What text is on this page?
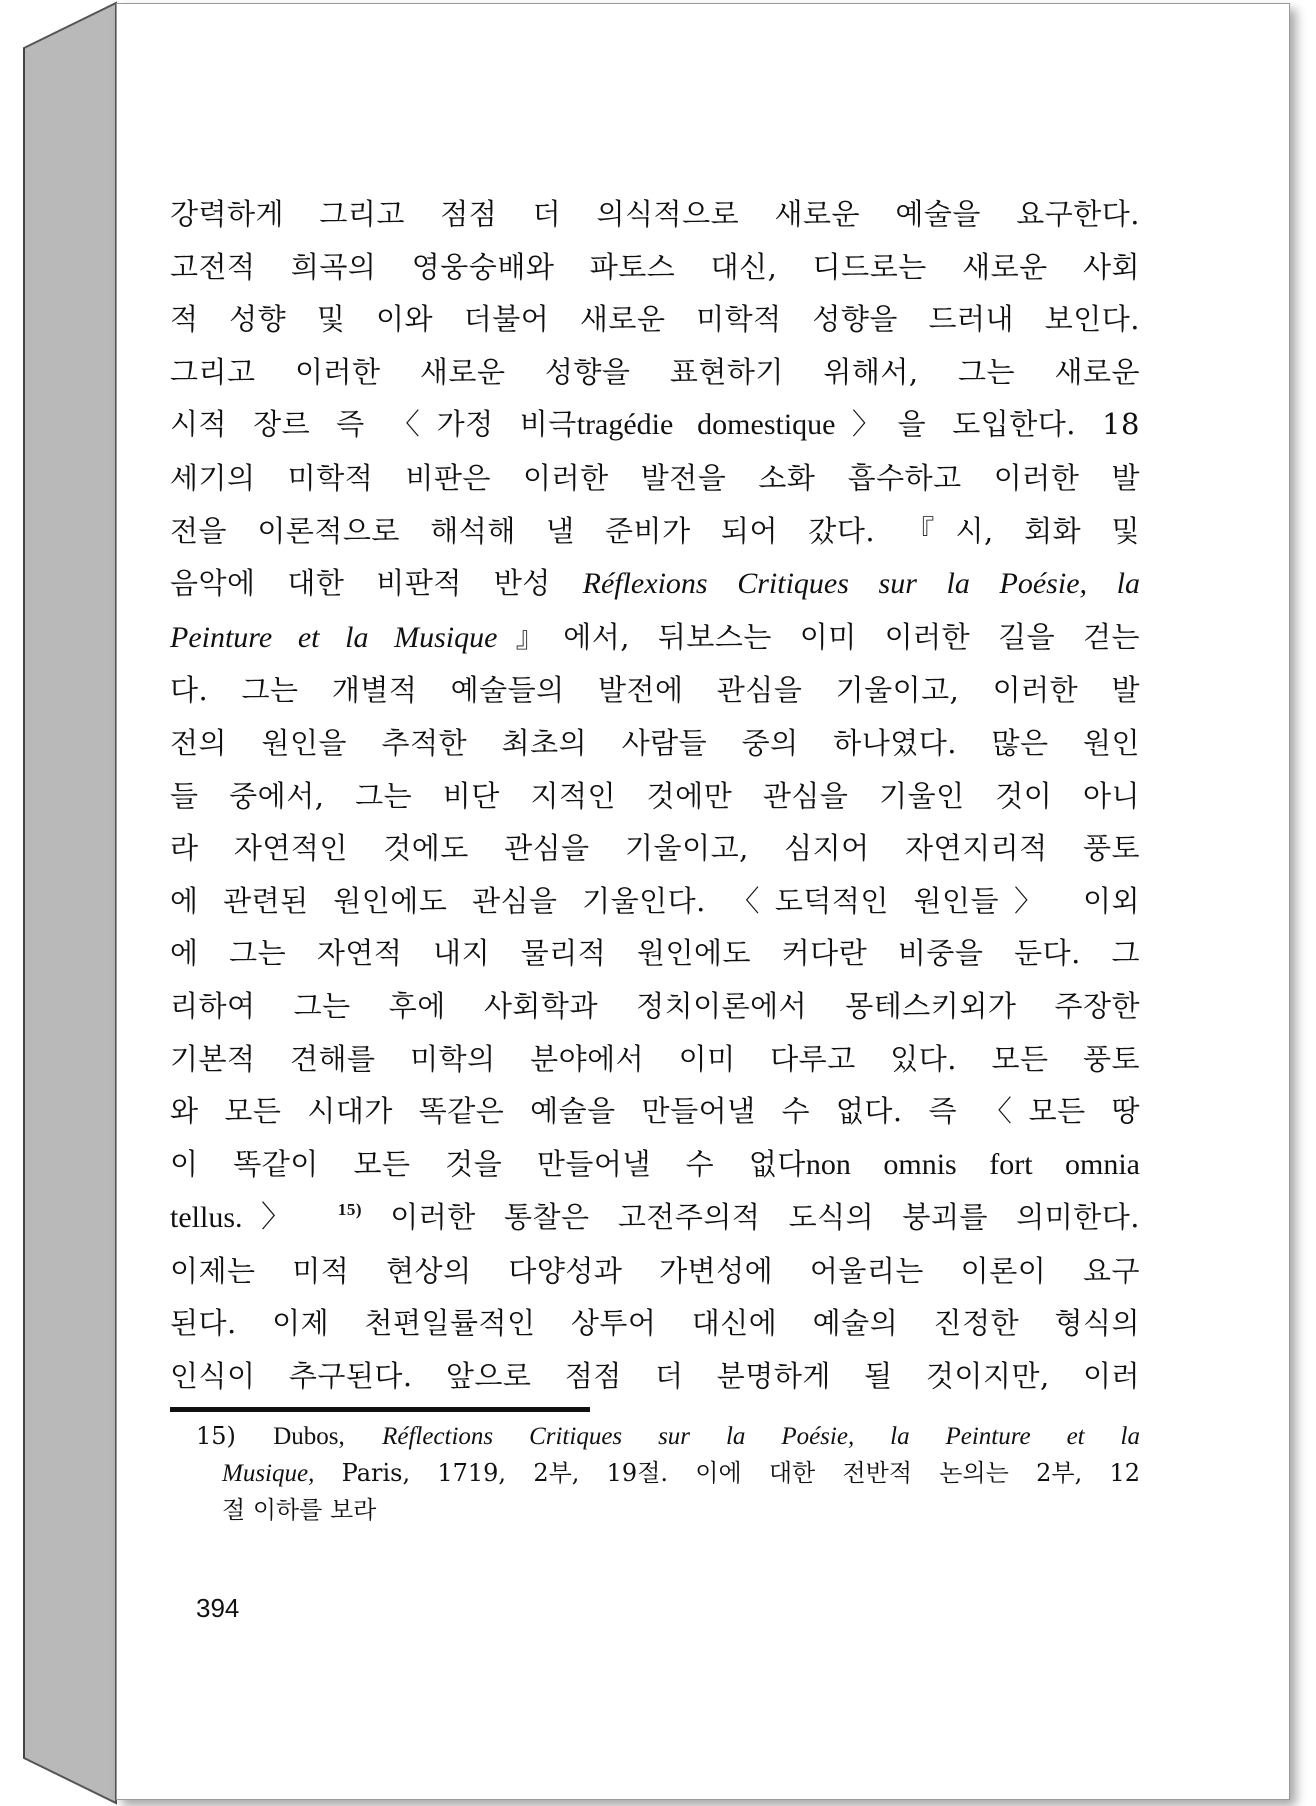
강력하게 그리고 점점 더 의식적으로 새로운 예술을 요구한다.
고전적 희곡의 영웅숭배와 파토스 대신, 디드로는 새로운 사회
적 성향 및 이와 더불어 새로운 미학적 성향을 드러내 보인다.
그리고 이러한 새로운 성향을 표현하기 위해서, 그는 새로운
시적 장르 즉 〈가정 비극tragédie domestique〉을 도입한다. 18
세기의 미학적 비판은 이러한 발전을 소화 흡수하고 이러한 발
전을 이론적으로 해석해 낼 준비가 되어 갔다. 『시, 회화 및
음악에 대한 비판적 반성 Réflexions Critiques sur la Poésie, la
Peinture et la Musique』에서, 뒤보스는 이미 이러한 길을 걷는
다. 그는 개별적 예술들의 발전에 관심을 기울이고, 이러한 발
전의 원인을 추적한 최초의 사람들 중의 하나였다. 많은 원인
들 중에서, 그는 비단 지적인 것에만 관심을 기울인 것이 아니
라 자연적인 것에도 관심을 기울이고, 심지어 자연지리적 풍토
에 관련된 원인에도 관심을 기울인다. 〈도덕적인 원인들〉 이외
에 그는 자연적 내지 물리적 원인에도 커다란 비중을 둔다. 그
리하여 그는 후에 사회학과 정치이론에서 몽테스키외가 주장한
기본적 견해를 미학의 분야에서 이미 다루고 있다. 모든 풍토
와 모든 시대가 똑같은 예술을 만들어낼 수 없다. 즉 〈모든 땅
이 똑같이 모든 것을 만들어낼 수 없다non omnis fort omnia
tellus.〉 $^{15)}$ 이러한 통찰은 고전주의적 도식의 붕괴를 의미한다.
이제는 미적 현상의 다양성과 가변성에 어울리는 이론이 요구
된다. 이제 천편일률적인 상투어 대신에 예술의 진정한 형식의
인식이 추구된다. 앞으로 점점 더 분명하게 될 것이지만, 이러
15) Dubos, Réflections Critiques sur la Poésie, la Peinture et la
Musique, Paris, 1719, 2부, 19절. 이에 대한 전반적 논의는 2부, 12
절 이하를 보라
394
